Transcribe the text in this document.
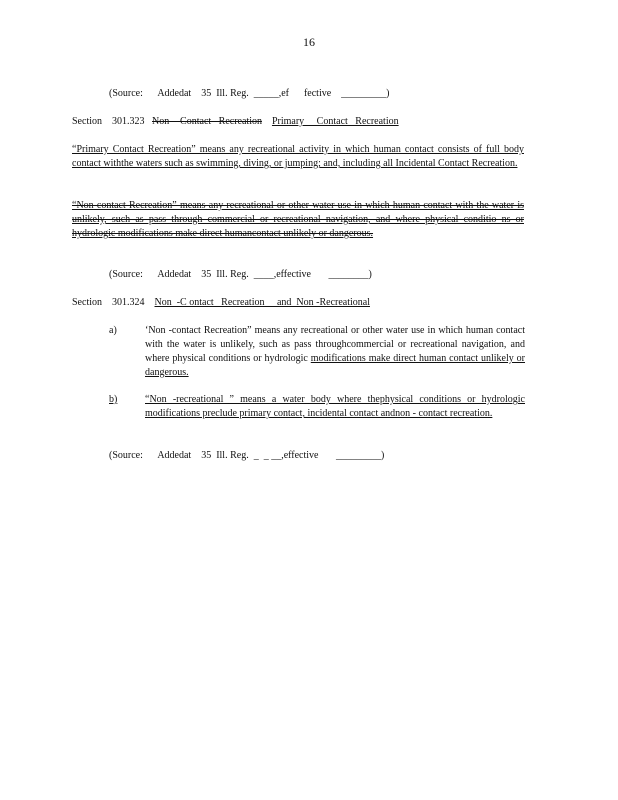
16
(Source:      Addedat    35  Ill. Reg.  _____,ef      fective    _________)
Section    301.323 Non   -Contact   Recreation Primary     Contact   Recreation
“Primary Contact Recreation” means any recreational activity in which human contact consists of full body contact withthe waters such as swimming, diving, or jumping; and, including all Incidental Contact Recreation.
“Non contact Recreation” means any recreational or other water use in which human contact with the water is unlikely, such as pass through commercial or recreational navigation, and where physical conditio ns or hydrologic modifications make direct humancontact unlikely or dangerous.
(Source:      Addedat    35  Ill. Reg.  ____,effective       ________)
Section    301.324 Non  -C ontact   Recreation     and  Non -Recreational

a)

	‘Non -contact Recreation” means any recreational or other water use in which human contact with the water is unlikely, such as pass throughcommercial or recreational navigation, and where physical conditions or hydrologic modifications make direct human contact unlikely or dangerous.

b)

	“Non -recreational ” means a water body where thephysical conditions or hydrologic modifications preclude primary contact, incidental contact andnon - contact recreation.

(Source:      Addedat    35  Ill. Reg.  _  _ __,effective       _________)
